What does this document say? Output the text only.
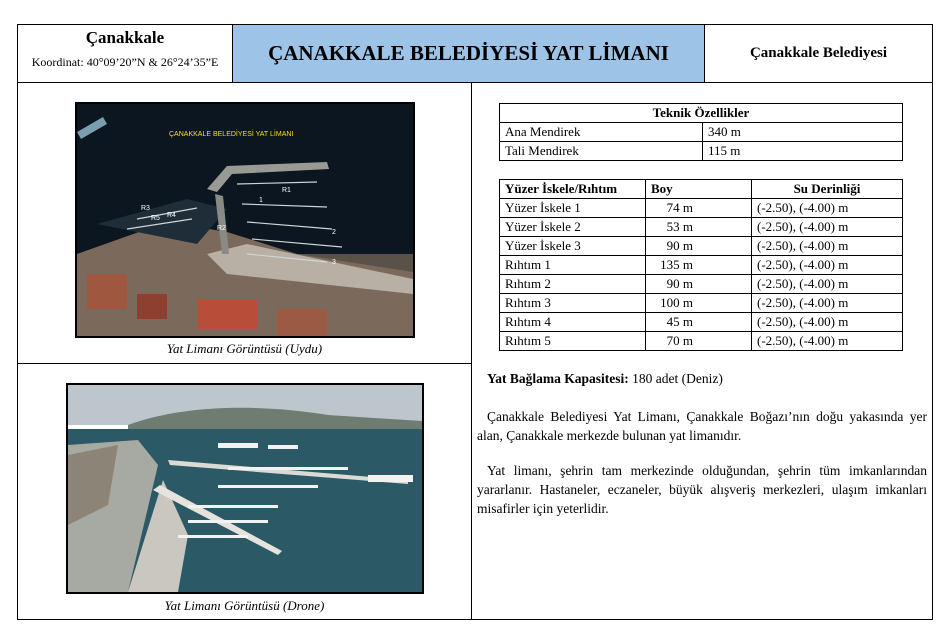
Çanakkale
Koordinat: 40°09’20”N & 26°24’35”E	ÇANAKKALE BELEDİYESİ YAT LİMANI	Çanakkale Belediyesi
ÇANAKKALE BELEDİYESİ YAT LİMANI
R1
R2
R3
R4
R5
1
2
3
Yat Limanı Görüntüsü (Uydu)
Yat Limanı Görüntüsü (Drone)
Teknik Özellikler	
Ana Mendirek	340 m
Tali Mendirek	115 m
Yüzer İskele/Rıhtım	Boy	Su Derinliği
Yüzer İskele 1	74 m	(-2.50), (-4.00) m
Yüzer İskele 2	53 m	(-2.50), (-4.00) m
Yüzer İskele 3	90 m	(-2.50), (-4.00) m
Rıhtım 1	135 m	(-2.50), (-4.00) m
Rıhtım 2	90 m	(-2.50), (-4.00) m
Rıhtım 3	100 m	(-2.50), (-4.00) m
Rıhtım 4	45 m	(-2.50), (-4.00) m
Rıhtım 5	70 m	(-2.50), (-4.00) m
Yat Bağlama Kapasitesi: 180 adet (Deniz)
Çanakkale Belediyesi Yat Limanı, Çanakkale Boğazı’nın doğu yakasında yer alan, Çanakkale merkezde bulunan yat limanıdır.
Yat limanı, şehrin tam merkezinde olduğundan, şehrin tüm imkanlarından yararlanır. Hastaneler, eczaneler, büyük alışveriş merkezleri, ulaşım imkanları misafirler için yeterlidir.
